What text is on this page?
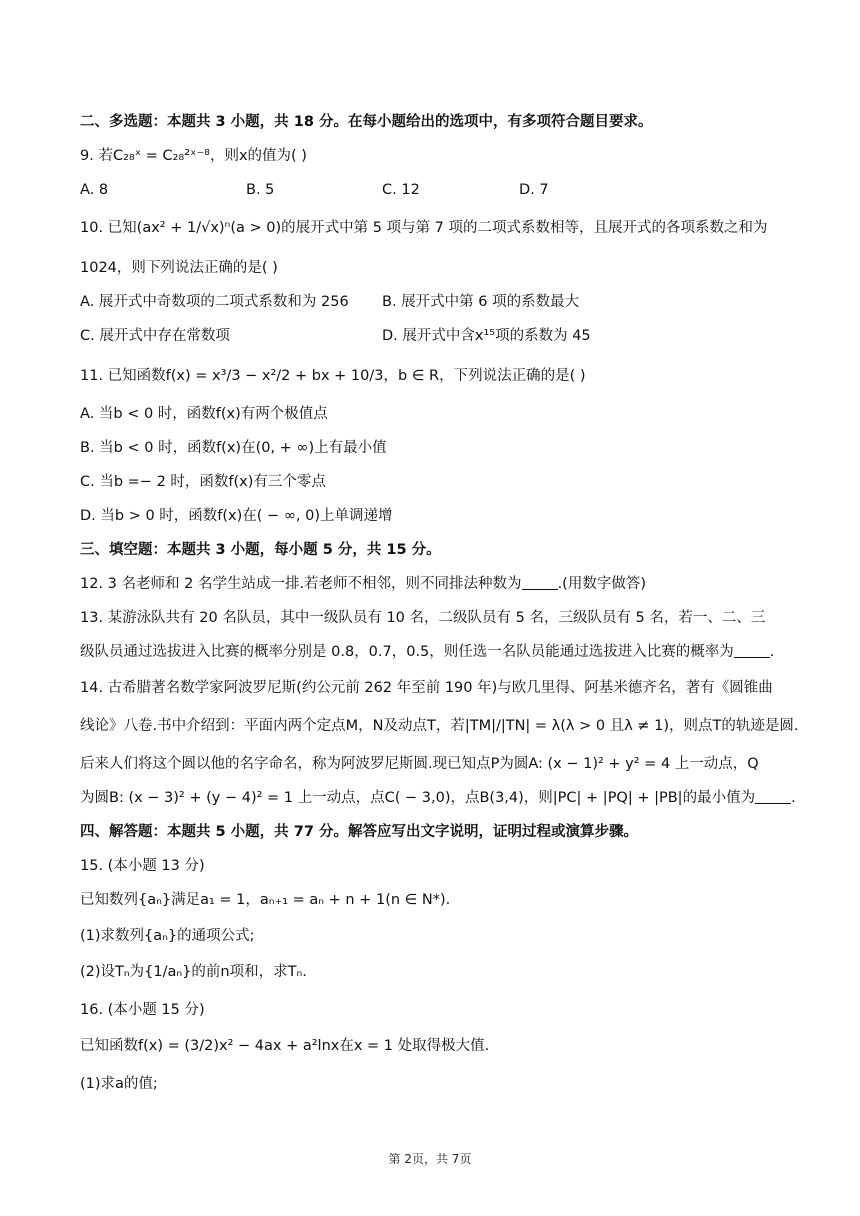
二、多选题：本题共 3 小题，共 18 分。在每小题给出的选项中，有多项符合题目要求。
9. 若C₂₈ˣ = C₂₈²ˣ⁻⁸，则x的值为( )
A. 8	B. 5	C. 12	D. 7
10. 已知(ax² + 1/√x)ⁿ(a > 0)的展开式中第 5 项与第 7 项的二项式系数相等，且展开式的各项系数之和为
1024，则下列说法正确的是( )
A. 展开式中奇数项的二项式系数和为 256 B. 展开式中第 6 项的系数最大
C. 展开式中存在常数项	D. 展开式中含x¹⁵项的系数为 45
11. 已知函数f(x) = x³/3 − x²/2 + bx + 10/3，b ∈ R，下列说法正确的是( )
A. 当b < 0 时，函数f(x)有两个极值点
B. 当b < 0 时，函数f(x)在(0, + ∞)上有最小值
C. 当b =− 2 时，函数f(x)有三个零点
D. 当b > 0 时，函数f(x)在( − ∞, 0)上单调递增
三、填空题：本题共 3 小题，每小题 5 分，共 15 分。
12. 3 名老师和 2 名学生站成一排.若老师不相邻，则不同排法种数为 .(用数字做答)
13. 某游泳队共有 20 名队员，其中一级队员有 10 名，二级队员有 5 名，三级队员有 5 名，若一、二、三
级队员通过选拔进入比赛的概率分别是 0.8，0.7，0.5，则任选一名队员能通过选拔进入比赛的概率为 .
14. 古希腊著名数学家阿波罗尼斯(约公元前 262 年至前 190 年)与欧几里得、阿基米德齐名，著有《圆锥曲
线论》八卷.书中介绍到：平面内两个定点M，N及动点T，若|TM|/|TN| = λ(λ > 0 且λ ≠ 1)，则点T的轨迹是圆.
后来人们将这个圆以他的名字命名，称为阿波罗尼斯圆.现已知点P为圆A: (x − 1)² + y² = 4 上一动点，Q
为圆B: (x − 3)² + (y − 4)² = 1 上一动点，点C( − 3,0)，点B(3,4)，则|PC| + |PQ| + |PB|的最小值为 .
四、解答题：本题共 5 小题，共 77 分。解答应写出文字说明，证明过程或演算步骤。
15. (本小题 13 分)
已知数列{aₙ}满足a₁ = 1，aₙ₊₁ = aₙ + n + 1(n ∈ N*).
(1)求数列{aₙ}的通项公式;
(2)设Tₙ为{1/aₙ}的前n项和，求Tₙ.
16. (本小题 15 分)
已知函数f(x) = (3/2)x² − 4ax + a²lnx在x = 1 处取得极大值.
(1)求a的值;
第 2页，共 7页
